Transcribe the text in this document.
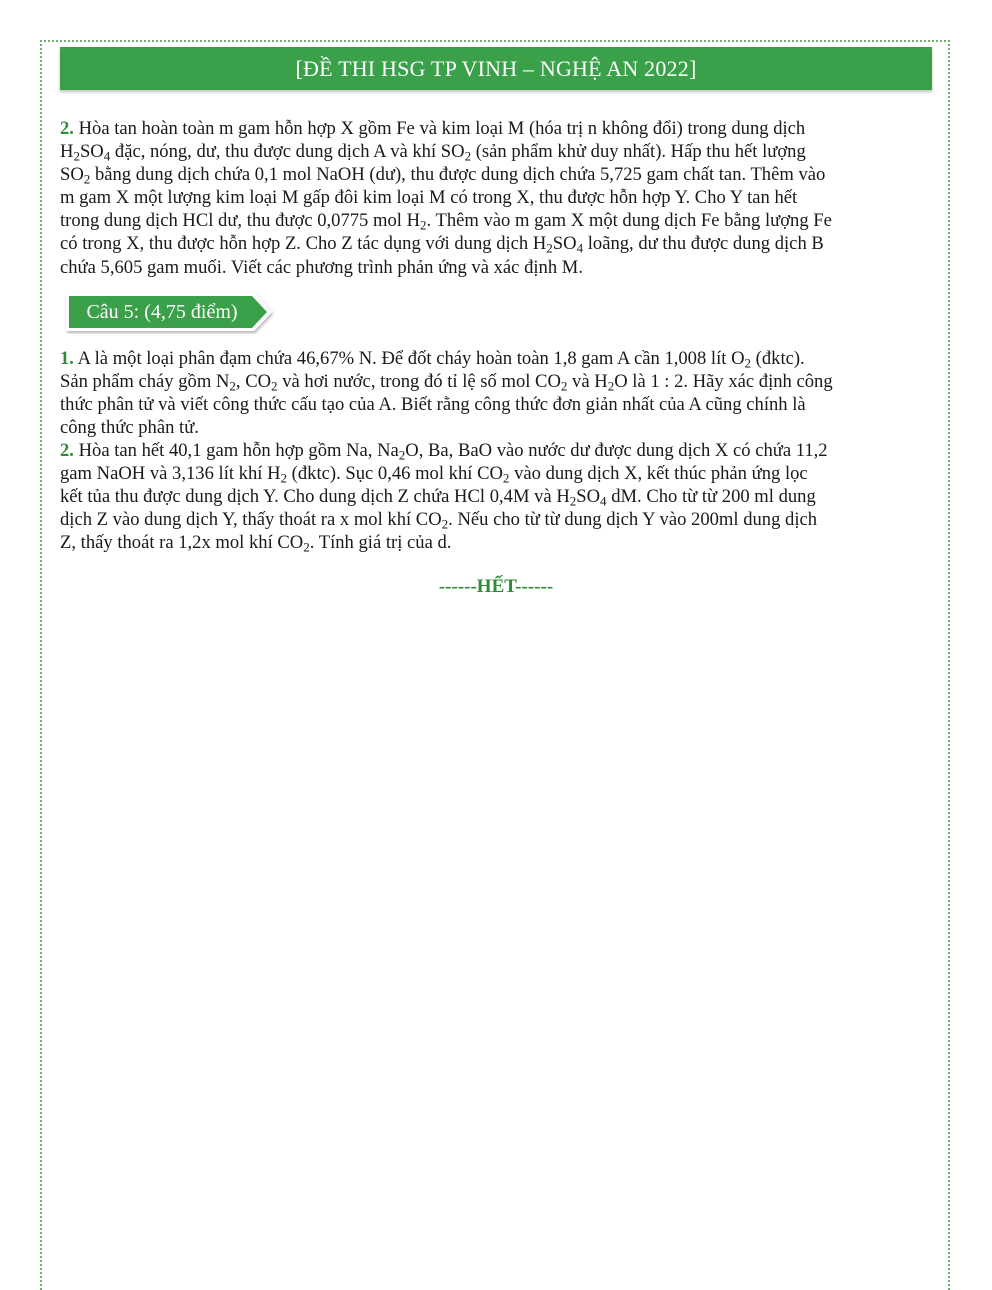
[ĐỀ THI HSG TP VINH – NGHỆ AN 2022]

2. Hòa tan hoàn toàn m gam hỗn hợp X gồm Fe và kim loại M (hóa trị n không đổi) trong dung dịch
$H_2SO_4$ đặc, nóng, dư, thu được dung dịch A và khí $SO_2$ (sản phẩm khử duy nhất). Hấp thu hết lượng
$SO_2$ bằng dung dịch chứa 0,1 mol NaOH (dư), thu được dung dịch chứa 5,725 gam chất tan. Thêm vào
m gam X một lượng kim loại M gấp đôi kim loại M có trong X, thu được hỗn hợp Y. Cho Y tan hết
trong dung dịch HCl dư, thu được 0,0775 mol $H_2$. Thêm vào m gam X một dung dịch Fe bằng lượng Fe
có trong X, thu được hỗn hợp Z. Cho Z tác dụng với dung dịch $H_2SO_4$ loãng, dư thu được dung dịch B
chứa 5,605 gam muối. Viết các phương trình phản ứng và xác định M.

Câu 5: (4,75 điểm)

1. A là một loại phân đạm chứa 46,67% N. Để đốt cháy hoàn toàn 1,8 gam A cần 1,008 lít $O_2$ (đktc).
Sản phẩm cháy gồm $N_2$, $CO_2$ và hơi nước, trong đó tỉ lệ số mol $CO_2$ và $H_2O$ là 1 : 2. Hãy xác định công
thức phân tử và viết công thức cấu tạo của A. Biết rằng công thức đơn giản nhất của A cũng chính là
công thức phân tử.

2. Hòa tan hết 40,1 gam hỗn hợp gồm Na, $Na_2O$, Ba, BaO vào nước dư được dung dịch X có chứa 11,2
gam NaOH và 3,136 lít khí $H_2$ (đktc). Sục 0,46 mol khí $CO_2$ vào dung dịch X, kết thúc phản ứng lọc
kết tủa thu được dung dịch Y. Cho dung dịch Z chứa HCl 0,4M và $H_2SO_4$ dM. Cho từ từ 200 ml dung
dịch Z vào dung dịch Y, thấy thoát ra x mol khí $CO_2$. Nếu cho từ từ dung dịch Y vào 200ml dung dịch
Z, thấy thoát ra 1,2x mol khí $CO_2$. Tính giá trị của d.

------HẾT------
